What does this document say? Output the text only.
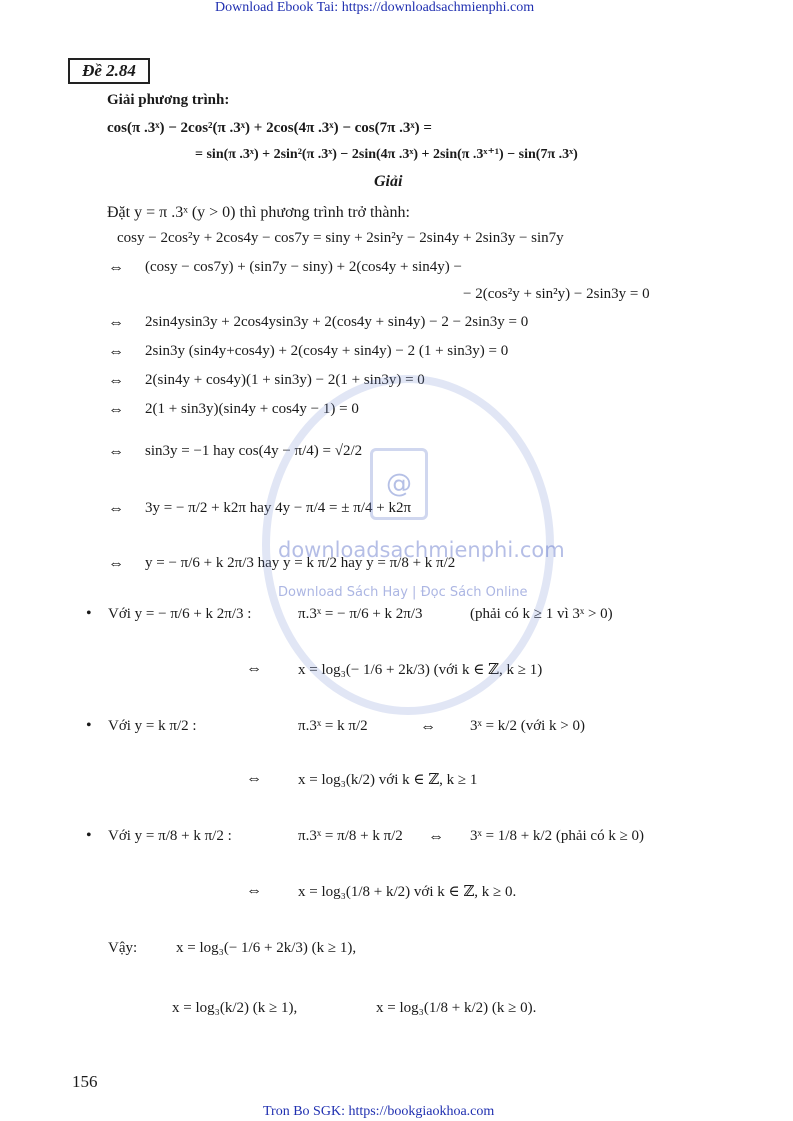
Download Ebook Tai: https://downloadsachmienphi.com
Tron Bo SGK: https://bookgiaokhoa.com
Đề 2.84
Giải phương trình:
cos(π .3ˣ) − 2cos²(π .3ˣ) + 2cos(4π .3ˣ) − cos(7π .3ˣ) =
= sin(π .3ˣ) + 2sin²(π .3ˣ) − 2sin(4π .3ˣ) + 2sin(π .3ˣ⁺¹) − sin(7π .3ˣ)
Giải
Đặt y = π .3ˣ (y > 0) thì phương trình trở thành:
cosy − 2cos²y + 2cos4y − cos7y = siny + 2sin²y − 2sin4y + 2sin3y − sin7y
⇔ (cosy − cos7y) + (sin7y − siny) + 2(cos4y + sin4y) −
− 2(cos²y + sin²y) − 2sin3y = 0
⇔ 2sin4ysin3y + 2cos4ysin3y + 2(cos4y + sin4y) − 2 − 2sin3y = 0
⇔ 2sin3y (sin4y+cos4y) + 2(cos4y + sin4y) − 2 (1 + sin3y) = 0
⇔ 2(sin4y + cos4y)(1 + sin3y) − 2(1 + sin3y) = 0
⇔ 2(1 + sin3y)(sin4y + cos4y − 1) = 0
⇔ sin3y = −1 hay cos(4y − π/4) = √2/2
⇔ 3y = − π/2 + k2π hay 4y − π/4 = ± π/4 + k2π
⇔ y = − π/6 + k 2π/3 hay y = k π/2 hay y = π/8 + k π/2
• Với y = − π/6 + k 2π/3 :	π.3ˣ = − π/6 + k 2π/3	(phải có k ≥ 1 vì 3ˣ > 0)
⇔ x = log₃(− 1/6 + 2k/3) (với k ∈ ℤ, k ≥ 1)
• Với y = k π/2 :	π.3ˣ = k π/2	⇔ 3ˣ = k/2 (với k > 0)
⇔ x = log₃(k/2) với k ∈ ℤ, k ≥ 1
• Với y = π/8 + k π/2 :	π.3ˣ = π/8 + k π/2 ⇔ 3ˣ = 1/8 + k/2 (phải có k ≥ 0)
⇔ x = log₃(1/8 + k/2) với k ∈ ℤ, k ≥ 0.
Vậy:	x = log₃(− 1/6 + 2k/3) (k ≥ 1),
x = log₃(k/2) (k ≥ 1),	x = log₃(1/8 + k/2) (k ≥ 0).
@
downloadsachmienphi.com
Download Sách Hay | Đọc Sách Online
156
